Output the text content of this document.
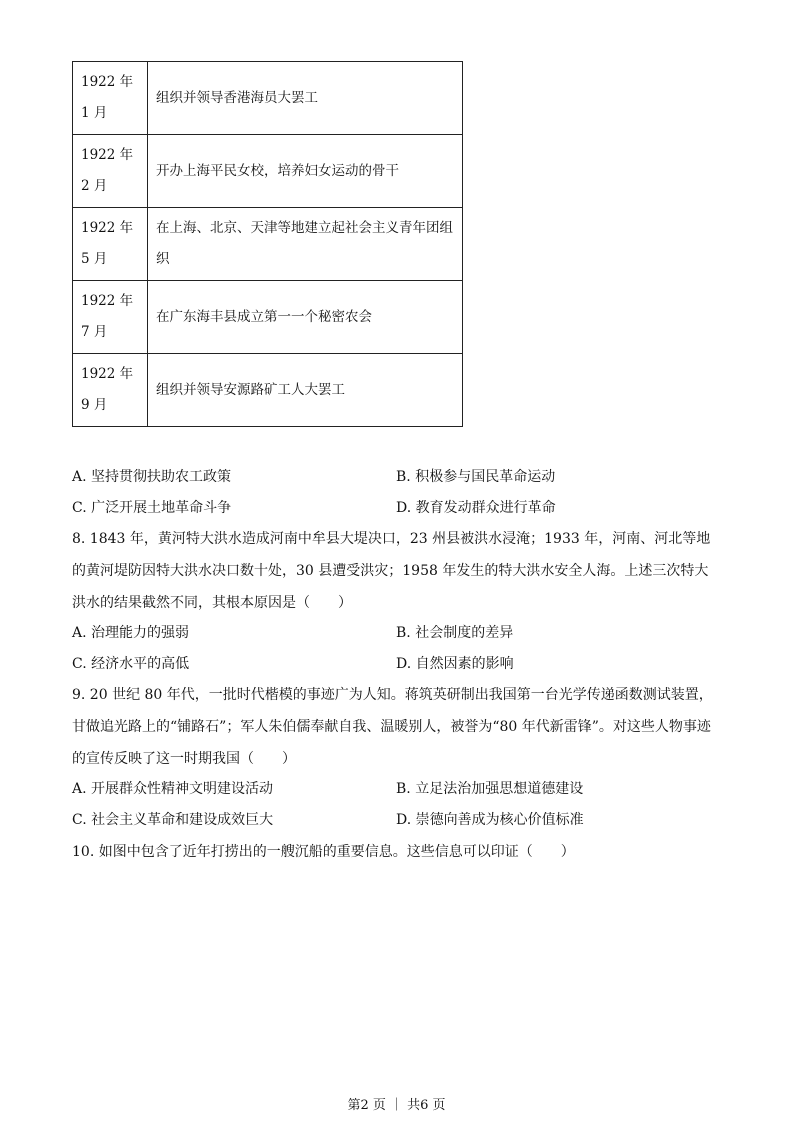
1922 年 1 月	组织并领导香港海员大罢工
1922 年 2 月	开办上海平民女校，培养妇女运动的骨干
1922 年 5 月	在上海、北京、天津等地建立起社会主义青年团组织
1922 年 7 月	在广东海丰县成立第一一个秘密农会
1922 年 9 月	组织并领导安源路矿工人大罢工
A. 坚持贯彻扶助农工政策	B. 积极参与国民革命运动
C. 广泛开展土地革命斗争	D. 教育发动群众进行革命
8. 1843 年，黄河特大洪水造成河南中牟县大堤决口，23 州县被洪水浸淹；1933 年，河南、河北等地的黄河堤防因特大洪水决口数十处，30 县遭受洪灾；1958 年发生的特大洪水安全人海。上述三次特大洪水的结果截然不同，其根本原因是（　　）
A. 治理能力的强弱	B. 社会制度的差异
C. 经济水平的高低	D. 自然因素的影响
9. 20 世纪 80 年代，一批时代楷模的事迹广为人知。蒋筑英研制出我国第一台光学传递函数测试装置，甘做追光路上的“铺路石”；军人朱伯儒奉献自我、温暖别人，被誉为“80 年代新雷锋”。对这些人物事迹的宣传反映了这一时期我国（　　）
A. 开展群众性精神文明建设活动	B. 立足法治加强思想道德建设
C. 社会主义革命和建设成效巨大	D. 崇德向善成为核心价值标准
10. 如图中包含了近年打捞出的一艘沉船的重要信息。这些信息可以印证（　　）
第2 页 ｜ 共6 页
